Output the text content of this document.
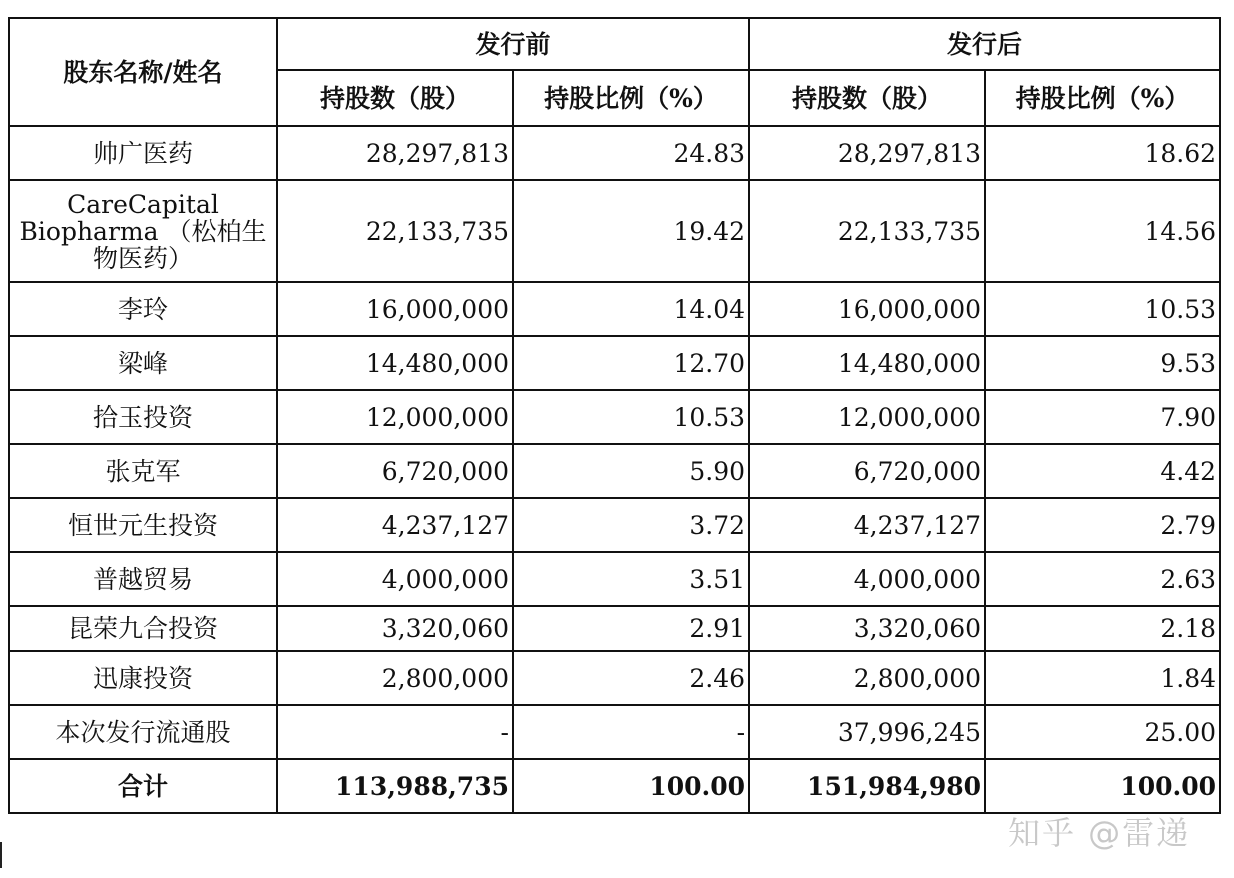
股东名称/姓名	发行前		发行后	
	持股数（股）	持股比例（%）	持股数（股）	持股比例（%）
帅广医药	28,297,813	24.83	28,297,813	18.62
CareCapital Biopharma （松柏生物医药）	22,133,735	19.42	22,133,735	14.56
李玲	16,000,000	14.04	16,000,000	10.53
梁峰	14,480,000	12.70	14,480,000	9.53
拾玉投资	12,000,000	10.53	12,000,000	7.90
张克军	6,720,000	5.90	6,720,000	4.42
恒世元生投资	4,237,127	3.72	4,237,127	2.79
普越贸易	4,000,000	3.51	4,000,000	2.63
昆荣九合投资	3,320,060	2.91	3,320,060	2.18
迅康投资	2,800,000	2.46	2,800,000	1.84
本次发行流通股	-	-	37,996,245	25.00
合计	113,988,735	100.00	151,984,980	100.00
知乎 @雷递
